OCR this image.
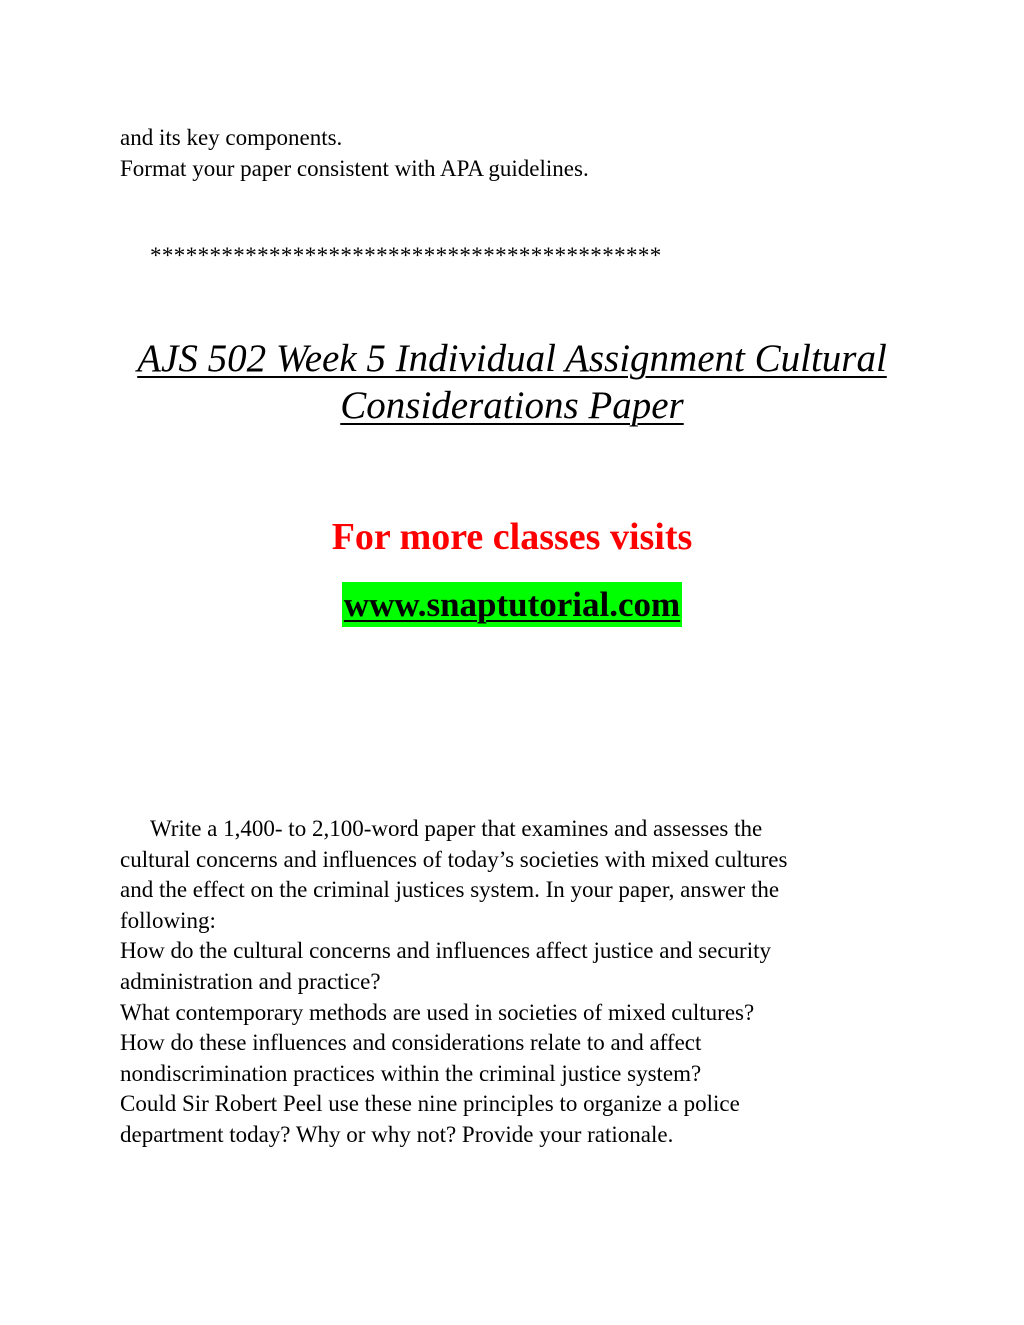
and its key components.
Format your paper consistent with APA guidelines.
*******************************************
AJS 502 Week 5 Individual Assignment Cultural
Considerations Paper
For more classes visits
www.snaptutorial.com
Write a 1,400- to 2,100-word paper that examines and assesses the
cultural concerns and influences of today’s societies with mixed cultures
and the effect on the criminal justices system. In your paper, answer the
following:
How do the cultural concerns and influences affect justice and security
administration and practice?
What contemporary methods are used in societies of mixed cultures?
How do these influences and considerations relate to and affect
nondiscrimination practices within the criminal justice system?
Could Sir Robert Peel use these nine principles to organize a police
department today? Why or why not? Provide your rationale.
